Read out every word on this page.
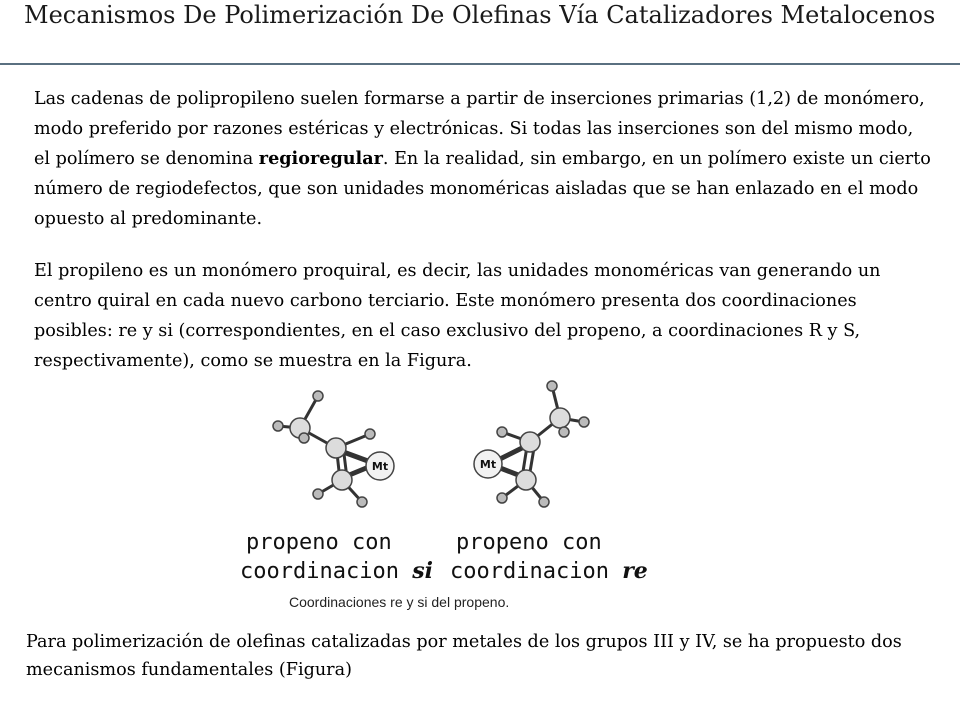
Mecanismos De Polimerización De Olefinas Vía Catalizadores Metalocenos

Las cadenas de polipropileno suelen formarse a partir de inserciones primarias (1,2) de monómero, modo preferido por razones estéricas y electrónicas. Si todas las inserciones son del mismo modo, el polímero se denomina regioregular. En la realidad, sin embargo, en un polímero existe un cierto número de regiodefectos, que son unidades monoméricas aisladas que se han enlazado en el modo opuesto al predominante.

El propileno es un monómero proquiral, es decir, las unidades monoméricas van generando un centro quiral en cada nuevo carbono terciario. Este monómero presenta dos coordinaciones posibles: re y si (correspondientes, en el caso exclusivo del propeno, a coordinaciones R y S, respectivamente), como se muestra en la Figura.

Mt	Mt
propeno con
coordinacion si
propeno con
coordinacion re
Coordinaciones re y si del propeno.

Para polimerización de olefinas catalizadas por metales de los grupos III y IV, se ha propuesto dos mecanismos fundamentales (Figura)
